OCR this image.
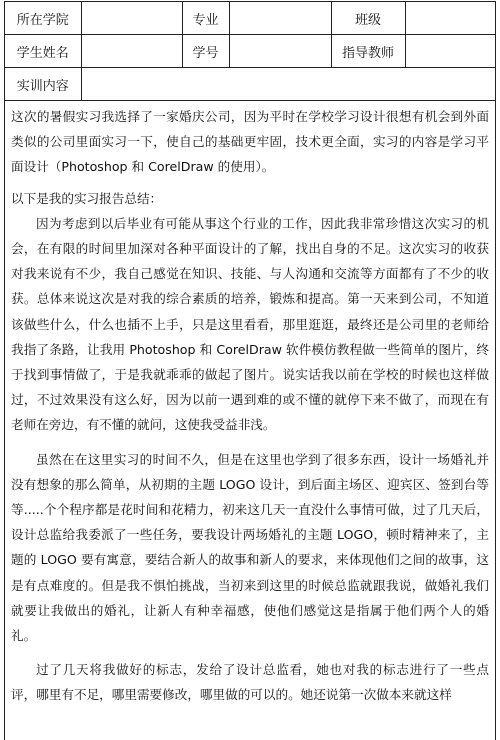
所在学院		专业		班级	
学生姓名		学号		指导教师	
实训内容					

这次的暑假实习我选择了一家婚庆公司，因为平时在学校学习设计很想有机会到外面类似的公司里面实习一下，使自己的基础更牢固，技术更全面，实习的内容是学习平面设计（Photoshop 和 CorelDraw 的使用）。

以下是我的实习报告总结：

因为考虑到以后毕业有可能从事这个行业的工作，因此我非常珍惜这次实习的机会，在有限的时间里加深对各种平面设计的了解，找出自身的不足。这次实习的收获对我来说有不少，我自己感觉在知识、技能、与人沟通和交流等方面都有了不少的收获。总体来说这次是对我的综合素质的培养，锻炼和提高。第一天来到公司，不知道该做些什么，什么也插不上手，只是这里看看，那里逛逛，最终还是公司里的老师给我指了条路，让我用 Photoshop 和 CorelDraw 软件模仿教程做一些简单的图片，终于找到事情做了，于是我就乖乖的做起了图片。说实话我以前在学校的时候也这样做过，不过效果没有这么好，因为以前一遇到难的或不懂的就停下来不做了，而现在有老师在旁边，有不懂的就问，这使我受益非浅。

虽然在在这里实习的时间不久，但是在这里也学到了很多东西，设计一场婚礼并没有想象的那么简单，从初期的主题 LOGO 设计，到后面主场区、迎宾区、签到台等等.....个个程序都是花时间和花精力，初来这几天一直没什么事情可做，过了几天后，设计总监给我委派了一些任务，要我设计两场婚礼的主题 LOGO，顿时精神来了，主题的 LOGO 要有寓意，要结合新人的故事和新人的要求，来体现他们之间的故事，这是有点难度的。但是我不惧怕挑战，当初来到这里的时候总监就跟我说，做婚礼我们就要让我做出的婚礼，让新人有种幸福感，使他们感觉这是指属于他们两个人的婚礼。

过了几天将我做好的标志，发给了设计总监看，她也对我的标志进行了一些点评，哪里有不足，哪里需要修改，哪里做的可以的。她还说第一次做本来就这样
